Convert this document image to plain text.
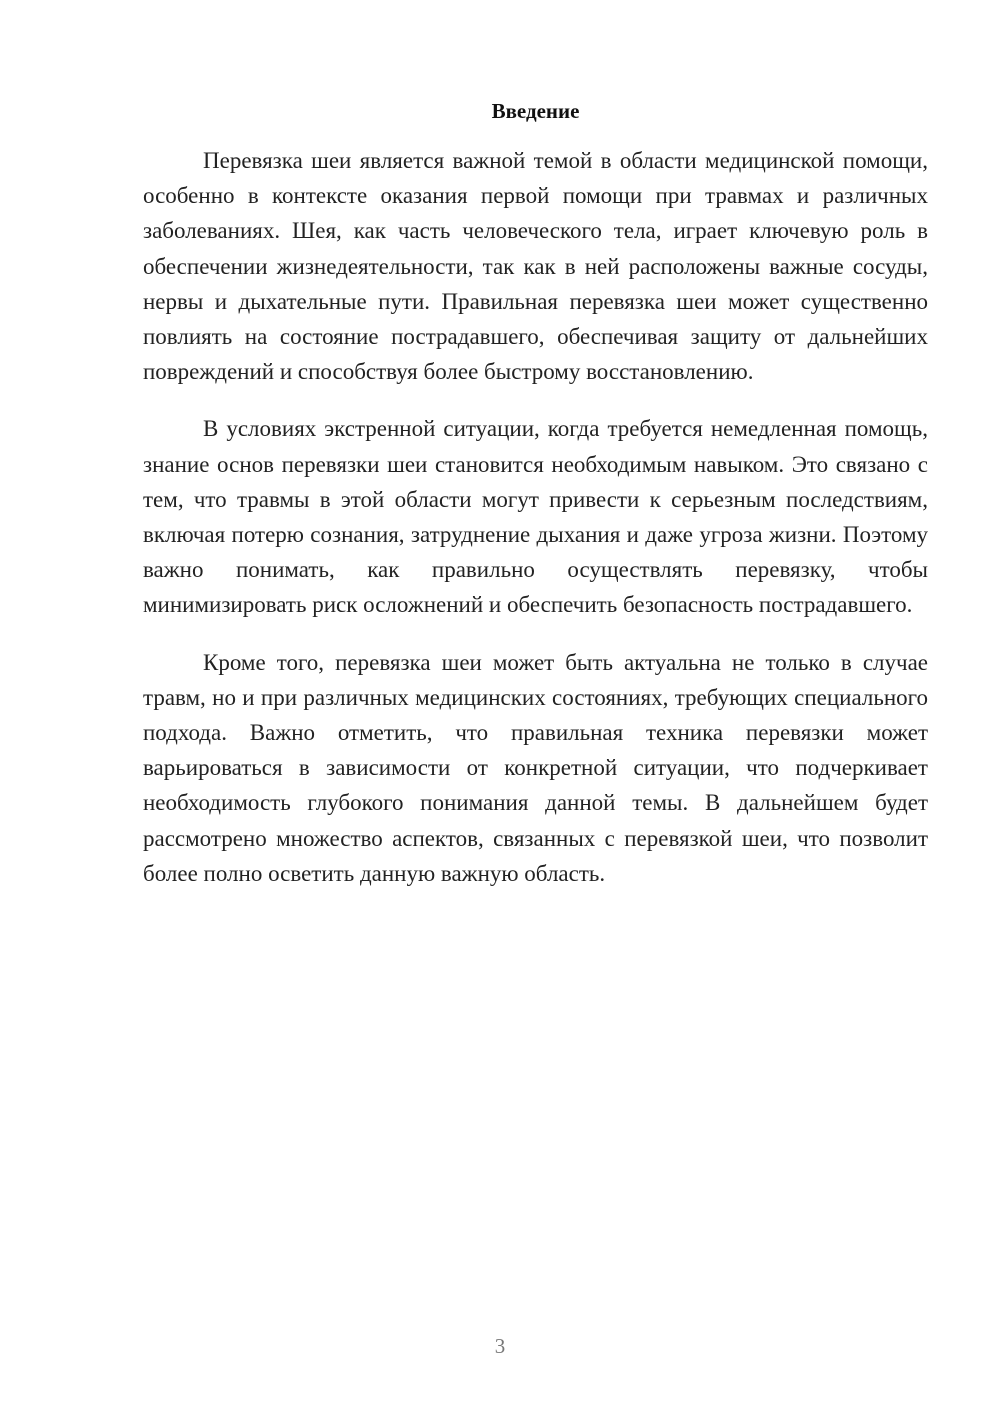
Введение

Перевязка шеи является важной темой в области медицинской помощи, особенно в контексте оказания первой помощи при травмах и различных заболеваниях. Шея, как часть человеческого тела, играет ключевую роль в обеспечении жизнедеятельности, так как в ней расположены важные сосуды, нервы и дыхательные пути. Правильная перевязка шеи может существенно повлиять на состояние пострадавшего, обеспечивая защиту от дальнейших повреждений и способствуя более быстрому восстановлению.

В условиях экстренной ситуации, когда требуется немедленная помощь, знание основ перевязки шеи становится необходимым навыком. Это связано с тем, что травмы в этой области могут привести к серьезным последствиям, включая потерю сознания, затруднение дыхания и даже угроза жизни. Поэтому важно понимать, как правильно осуществлять перевязку, чтобы минимизировать риск осложнений и обеспечить безопасность пострадавшего.

Кроме того, перевязка шеи может быть актуальна не только в случае травм, но и при различных медицинских состояниях, требующих специального подхода. Важно отметить, что правильная техника перевязки может варьироваться в зависимости от конкретной ситуации, что подчеркивает необходимость глубокого понимания данной темы. В дальнейшем будет рассмотрено множество аспектов, связанных с перевязкой шеи, что позволит более полно осветить данную важную область.

3
